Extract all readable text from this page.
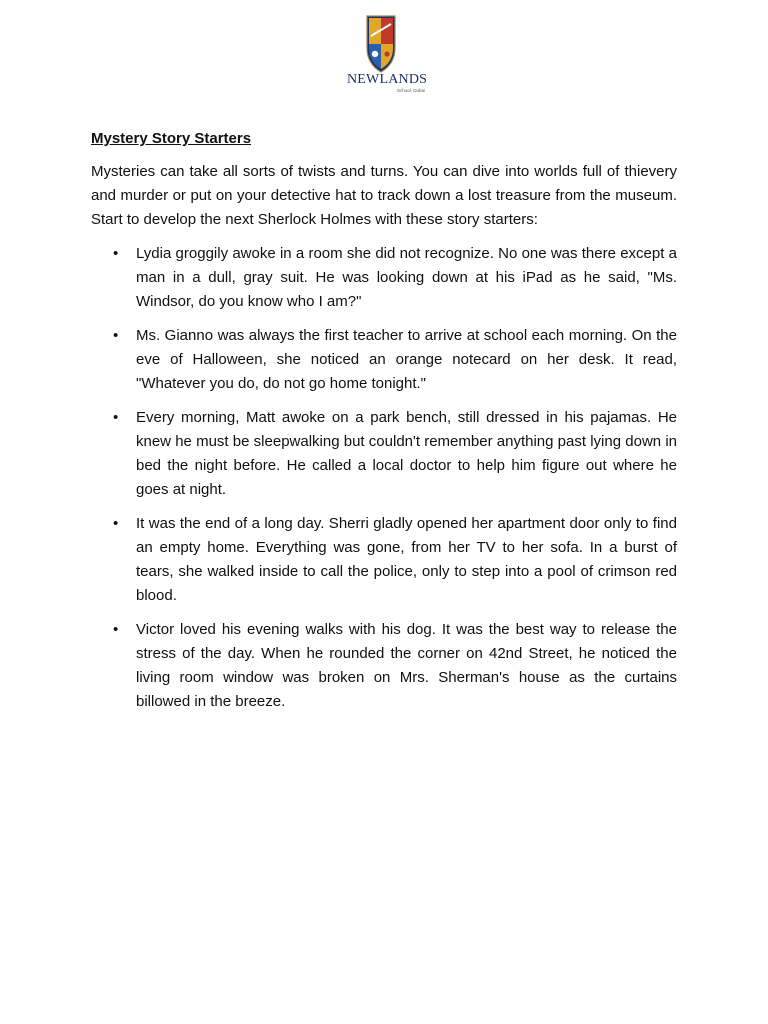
NEWLANDS
School, Dubai
Mystery Story Starters

Mysteries can take all sorts of twists and turns. You can dive into worlds full of thievery and murder or put on your detective hat to track down a lost treasure from the museum. Start to develop the next Sherlock Holmes with these story starters:

• Lydia groggily awoke in a room she did not recognize. No one was there except a man in a dull, gray suit. He was looking down at his iPad as he said, "Ms. Windsor, do you know who I am?"
• Ms. Gianno was always the first teacher to arrive at school each morning. On the eve of Halloween, she noticed an orange notecard on her desk. It read, "Whatever you do, do not go home tonight."
• Every morning, Matt awoke on a park bench, still dressed in his pajamas. He knew he must be sleepwalking but couldn't remember anything past lying down in bed the night before. He called a local doctor to help him figure out where he goes at night.
• It was the end of a long day. Sherri gladly opened her apartment door only to find an empty home. Everything was gone, from her TV to her sofa. In a burst of tears, she walked inside to call the police, only to step into a pool of crimson red blood.
• Victor loved his evening walks with his dog. It was the best way to release the stress of the day. When he rounded the corner on 42nd Street, he noticed the living room window was broken on Mrs. Sherman's house as the curtains billowed in the breeze.
